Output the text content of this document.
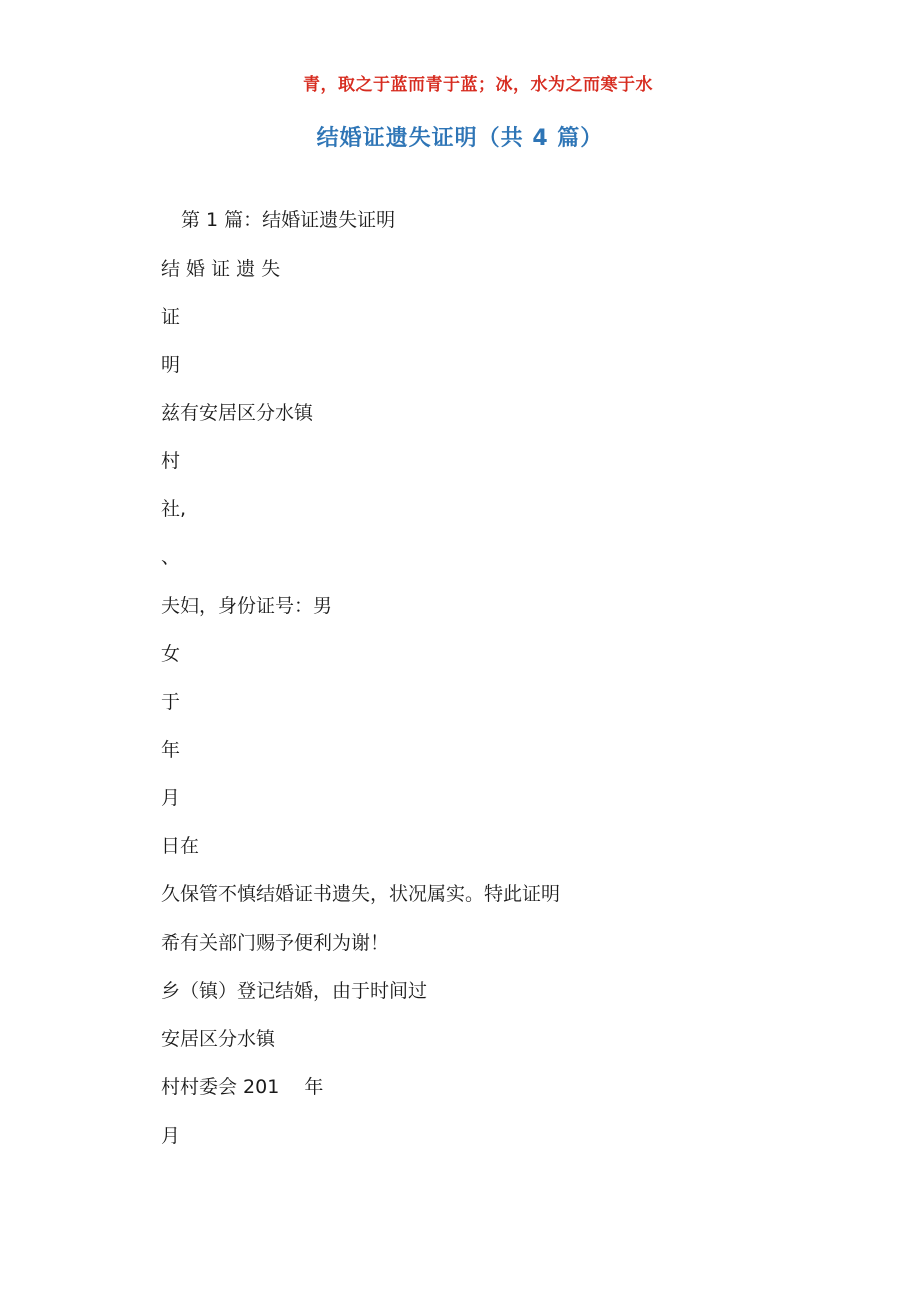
青，取之于蓝而青于蓝；冰，水为之而寒于水
结婚证遗失证明（共 4 篇）
第 1 篇：结婚证遗失证明
结 婚 证 遗 失
证
明
兹有安居区分水镇
村
社,
、
夫妇，身份证号：男
女
于
年
月
日在
久保管不慎结婚证书遗失，状况属实。特此证明
希有关部门赐予便利为谢！
乡（镇）登记结婚，由于时间过
安居区分水镇
村村委会 201　 年
月
